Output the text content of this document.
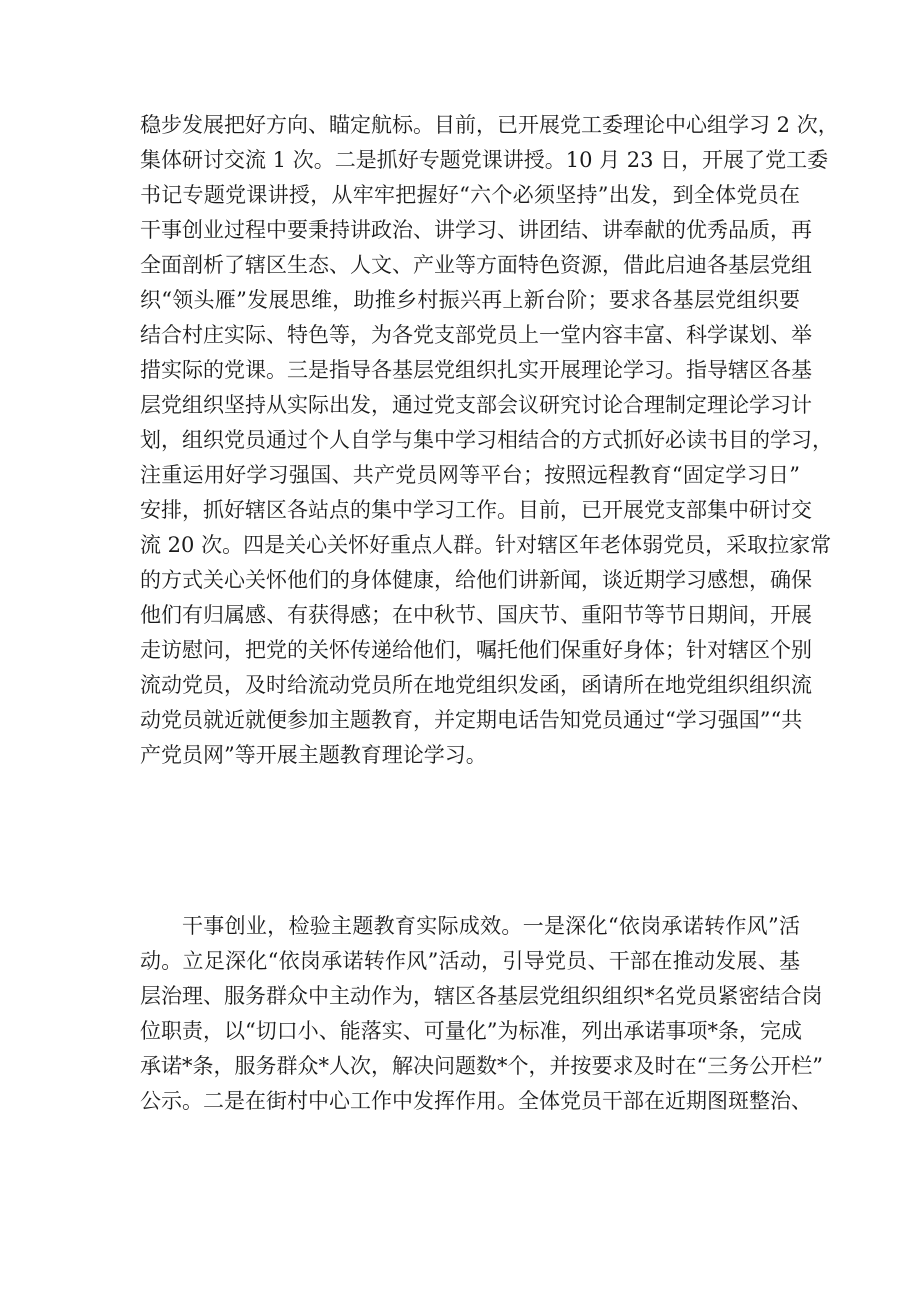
稳步发展把好方向、瞄定航标。目前，已开展党工委理论中心组学习 2 次，
集体研讨交流 1 次。二是抓好专题党课讲授。10 月 23 日，开展了党工委
书记专题党课讲授，从牢牢把握好“六个必须坚持”出发，到全体党员在
干事创业过程中要秉持讲政治、讲学习、讲团结、讲奉献的优秀品质，再
全面剖析了辖区生态、人文、产业等方面特色资源，借此启迪各基层党组
织“领头雁”发展思维，助推乡村振兴再上新台阶；要求各基层党组织要
结合村庄实际、特色等，为各党支部党员上一堂内容丰富、科学谋划、举
措实际的党课。三是指导各基层党组织扎实开展理论学习。指导辖区各基
层党组织坚持从实际出发，通过党支部会议研究讨论合理制定理论学习计
划，组织党员通过个人自学与集中学习相结合的方式抓好必读书目的学习，
注重运用好学习强国、共产党员网等平台；按照远程教育“固定学习日”
安排，抓好辖区各站点的集中学习工作。目前，已开展党支部集中研讨交
流 20 次。四是关心关怀好重点人群。针对辖区年老体弱党员，采取拉家常
的方式关心关怀他们的身体健康，给他们讲新闻，谈近期学习感想，确保
他们有归属感、有获得感；在中秋节、国庆节、重阳节等节日期间，开展
走访慰问，把党的关怀传递给他们，嘱托他们保重好身体；针对辖区个别
流动党员，及时给流动党员所在地党组织发函，函请所在地党组织组织流
动党员就近就便参加主题教育，并定期电话告知党员通过“学习强国”“共
产党员网”等开展主题教育理论学习。
干事创业，检验主题教育实际成效。一是深化“依岗承诺转作风”活
动。立足深化“依岗承诺转作风”活动，引导党员、干部在推动发展、基
层治理、服务群众中主动作为，辖区各基层党组织组织*名党员紧密结合岗
位职责，以“切口小、能落实、可量化”为标准，列出承诺事项*条，完成
承诺*条，服务群众*人次，解决问题数*个，并按要求及时在“三务公开栏”
公示。二是在街村中心工作中发挥作用。全体党员干部在近期图斑整治、
